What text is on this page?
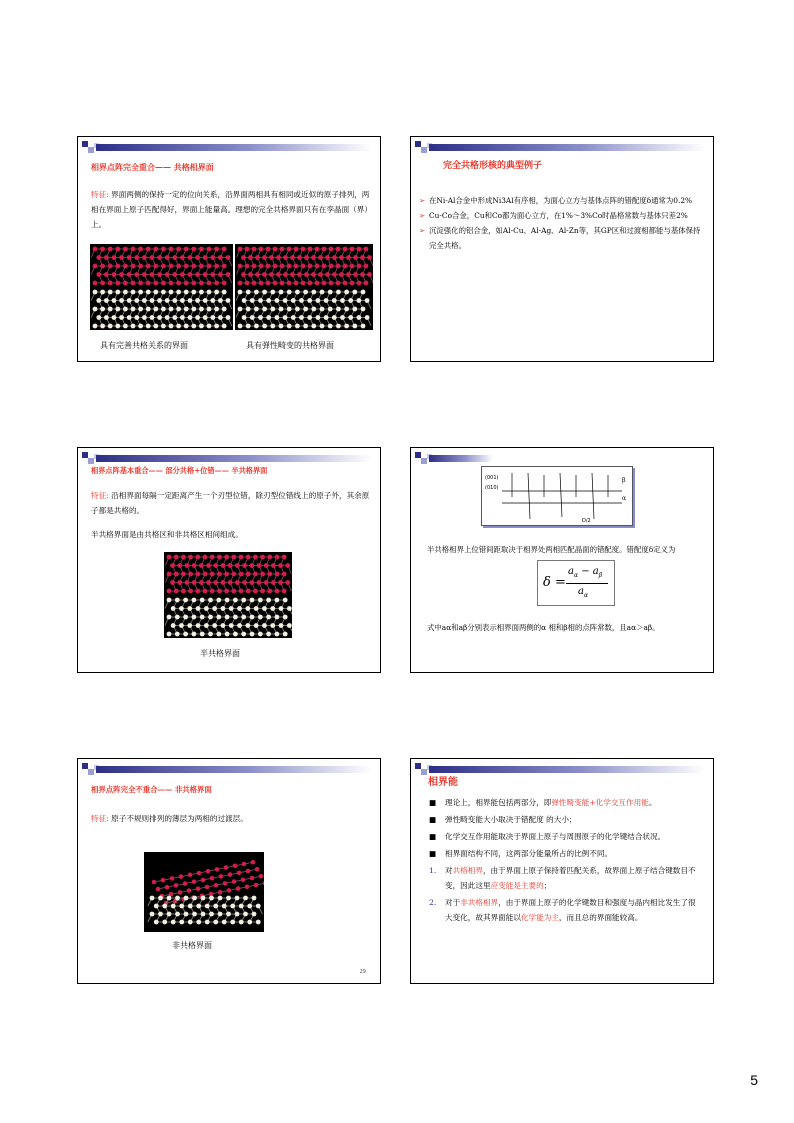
相界点阵完全重合—— 共格相界面
特征: 界面两侧的保持一定的位向关系，沿界面两相具有相同或近似的原子排列，两相在界面上原子匹配得好，界面上能量高。理想的完全共格界面只有在孪晶面（界）上。
具有完善共格关系的界面	具有弹性畸变的共格界面
完全共格形核的典型例子
➢ 在Ni-Al合金中形成Ni3Al有序相，为面心立方与基体点阵的错配度δ通常为0.2%
➢ Cu-Co合金，Cu和Co都为面心立方，在1%～3%Co时晶格常数与基体只差2%
➢ 沉淀强化的铝合金，如Al-Cu、Al-Ag、Al-Zn等，其GP区和过渡相都能与基体保持完全共格。
相界点阵基本重合—— 部分共格+位错—— 半共格界面
特征: 沿相界面每隔一定距离产生一个刃型位错，除刃型位错线上的原子外，其余原子都是共格的。
半共格界面是由共格区和非共格区相间组成。
半共格界面
(001)
(010)
β
α
D/2
半共格相界上位错间距取决于相界处两相匹配晶面的错配度。错配度δ定义为
δ =
$a_\alpha - a_\beta$
$a_\alpha$
式中aα和aβ分别表示相界面两侧的α 相和β相的点阵常数，且aα＞aβ。
相界点阵完全不重合—— 非共格界面
特征: 原子不规则排列的薄层为两相的过渡层。
非共格界面
29
相界能
■ 理论上，相界能包括两部分，即弹性畸变能+化学交互作用能。
■ 弹性畸变能大小取决于错配度 的大小；
■ 化学交互作用能取决于界面上原子与周围原子的化学键结合状况。
■ 相界面结构不同，这两部分能量所占的比例不同。
1. 对共格相界，由于界面上原子保持着匹配关系，故界面上原子结合键数目不变，因此这里应变能是主要的；
2. 对于非共格相界，由于界面上原子的化学键数目和强度与晶内相比发生了很大变化，故其界面能以化学能为主，而且总的界面能较高。
5
